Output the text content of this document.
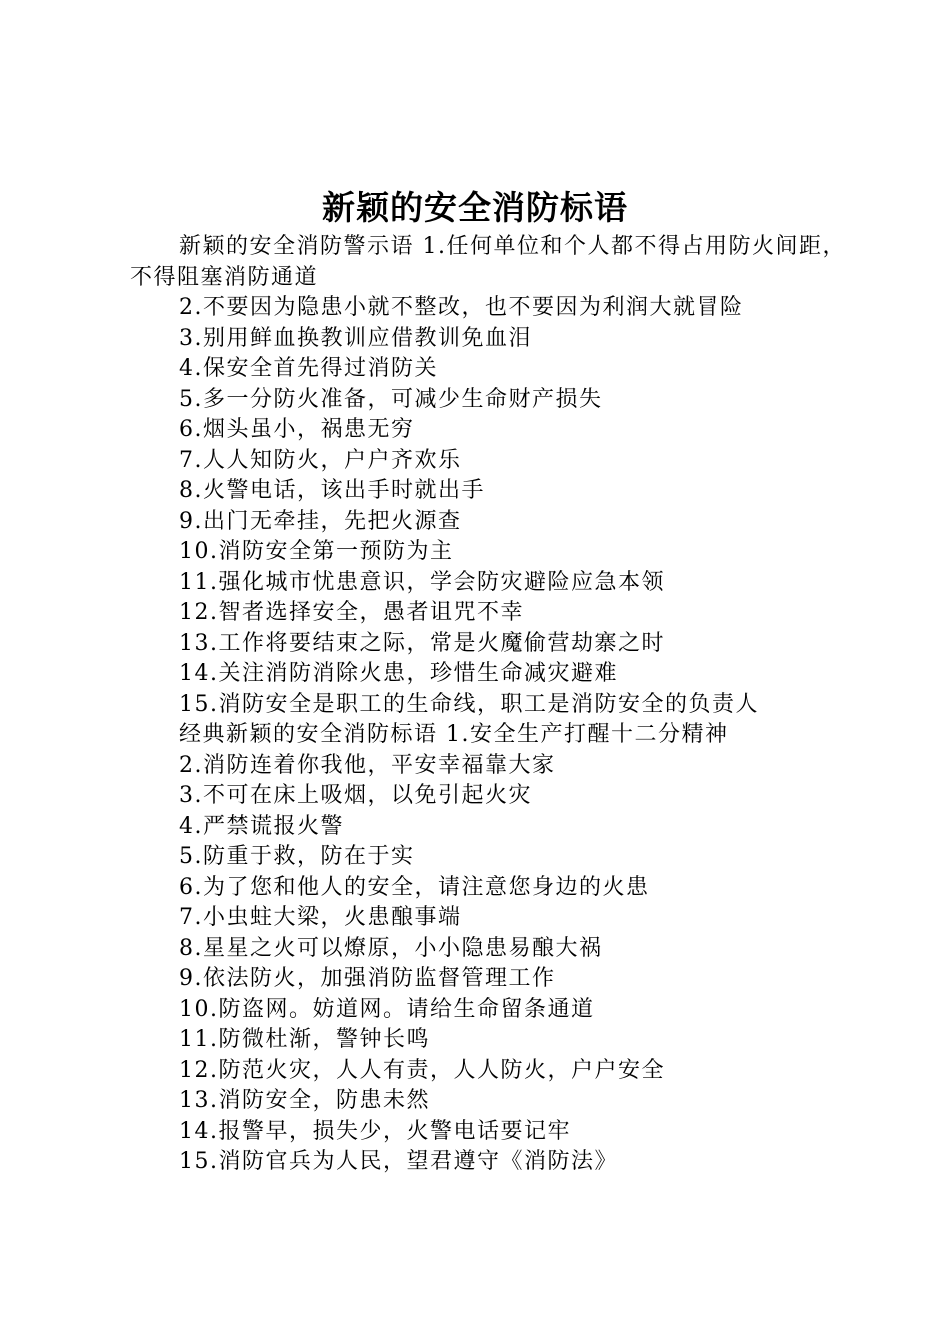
新颖的安全消防标语

新颖的安全消防警示语 1.任何单位和个人都不得占用防火间距，不得阻塞消防通道

2.不要因为隐患小就不整改，也不要因为利润大就冒险

3.别用鲜血换教训应借教训免血泪

4.保安全首先得过消防关

5.多一分防火准备，可减少生命财产损失

6.烟头虽小，祸患无穷

7.人人知防火，户户齐欢乐

8.火警电话，该出手时就出手

9.出门无牵挂，先把火源查

10.消防安全第一预防为主

11.强化城市忧患意识，学会防灾避险应急本领

12.智者选择安全，愚者诅咒不幸

13.工作将要结束之际，常是火魔偷营劫寨之时

14.关注消防消除火患，珍惜生命减灾避难

15.消防安全是职工的生命线，职工是消防安全的负责人

经典新颖的安全消防标语 1.安全生产打醒十二分精神

2.消防连着你我他，平安幸福靠大家

3.不可在床上吸烟，以免引起火灾

4.严禁谎报火警

5.防重于救，防在于实

6.为了您和他人的安全，请注意您身边的火患

7.小虫蛀大梁，火患酿事端

8.星星之火可以燎原，小小隐患易酿大祸

9.依法防火，加强消防监督管理工作

10.防盗网。妨道网。请给生命留条通道

11.防微杜渐，警钟长鸣

12.防范火灾，人人有责，人人防火，户户安全

13.消防安全，防患未然

14.报警早，损失少，火警电话要记牢

15.消防官兵为人民，望君遵守《消防法》
